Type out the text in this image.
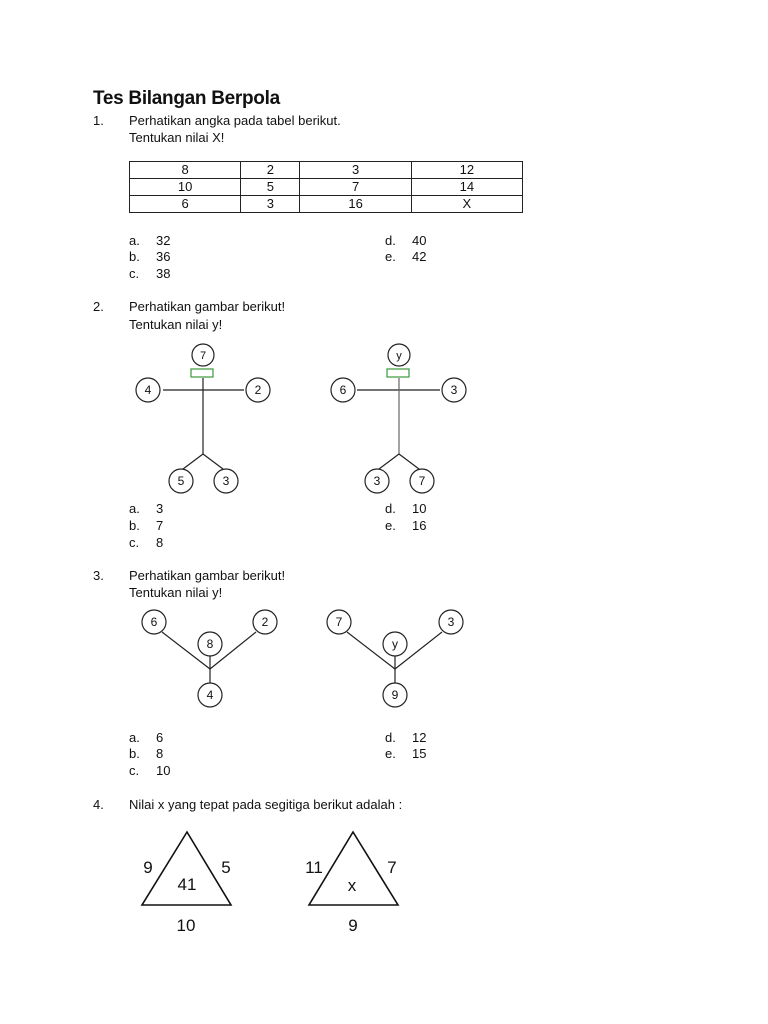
Tes Bilangan Berpola
1. Perhatikan angka pada tabel berikut.
Tentukan nilai X!
8	2	3	12
10	5	7	14
6	3	16	X
a. 32
b. 36
c. 38
d. 40
e. 42
2. Perhatikan gambar berikut!
Tentukan nilai y!
7
4	2
5	3
y
6	3
3	7
6	2
8
4
7	3
y
9
9	5
41
10
11	7
x
9
a. 3
b. 7
c. 8
d. 10
e. 16
3. Perhatikan gambar berikut!
Tentukan nilai y!
a. 6
b. 8
c. 10
d. 12
e. 15
4. Nilai x yang tepat pada segitiga berikut adalah :
